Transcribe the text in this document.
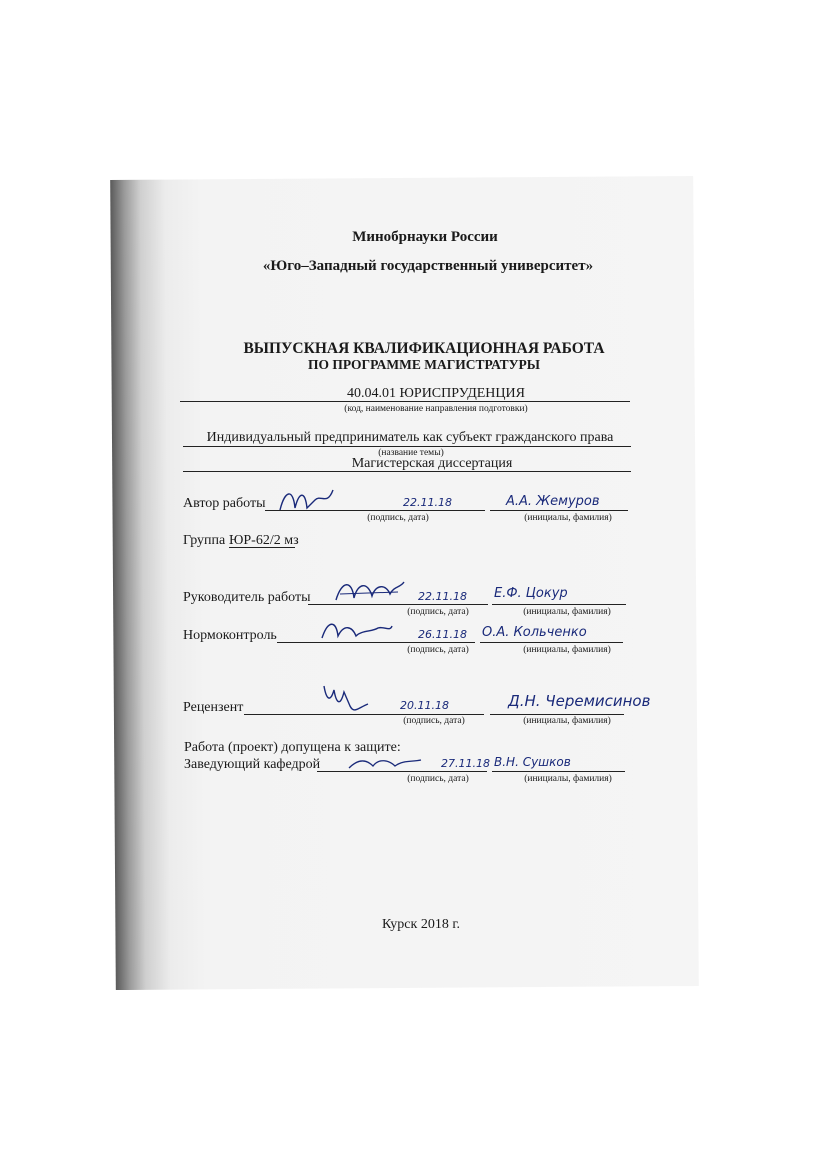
Минобрнауки России
«Юго–Западный государственный университет»
ВЫПУСКНАЯ КВАЛИФИКАЦИОННАЯ РАБОТА
ПО ПРОГРАММЕ МАГИСТРАТУРЫ
40.04.01 ЮРИСПРУДЕНЦИЯ
(код, наименование направления подготовки)
Индивидуальный предприниматель как субъект гражданского права
(название темы)
Магистерская диссертация
Автор работы	22.11.18	А.А. Жемуров
(подпись, дата)	(инициалы, фамилия)
Группа ЮР-62/2 мз
Руководитель работы	22.11.18 Е.Ф. Цокур
(подпись, дата)	(инициалы, фамилия)
Нормоконтроль	26.11.18 О.А. Кольченко
(подпись, дата)	(инициалы, фамилия)
Рецензент	20.11.18	Д.Н. Черемисинов
(подпись, дата)	(инициалы, фамилия)
Работа (проект) допущена к защите:
Заведующий кафедрой	27.11.18 В.Н. Сушков
(подпись, дата)	(инициалы, фамилия)
Курск 2018 г.
